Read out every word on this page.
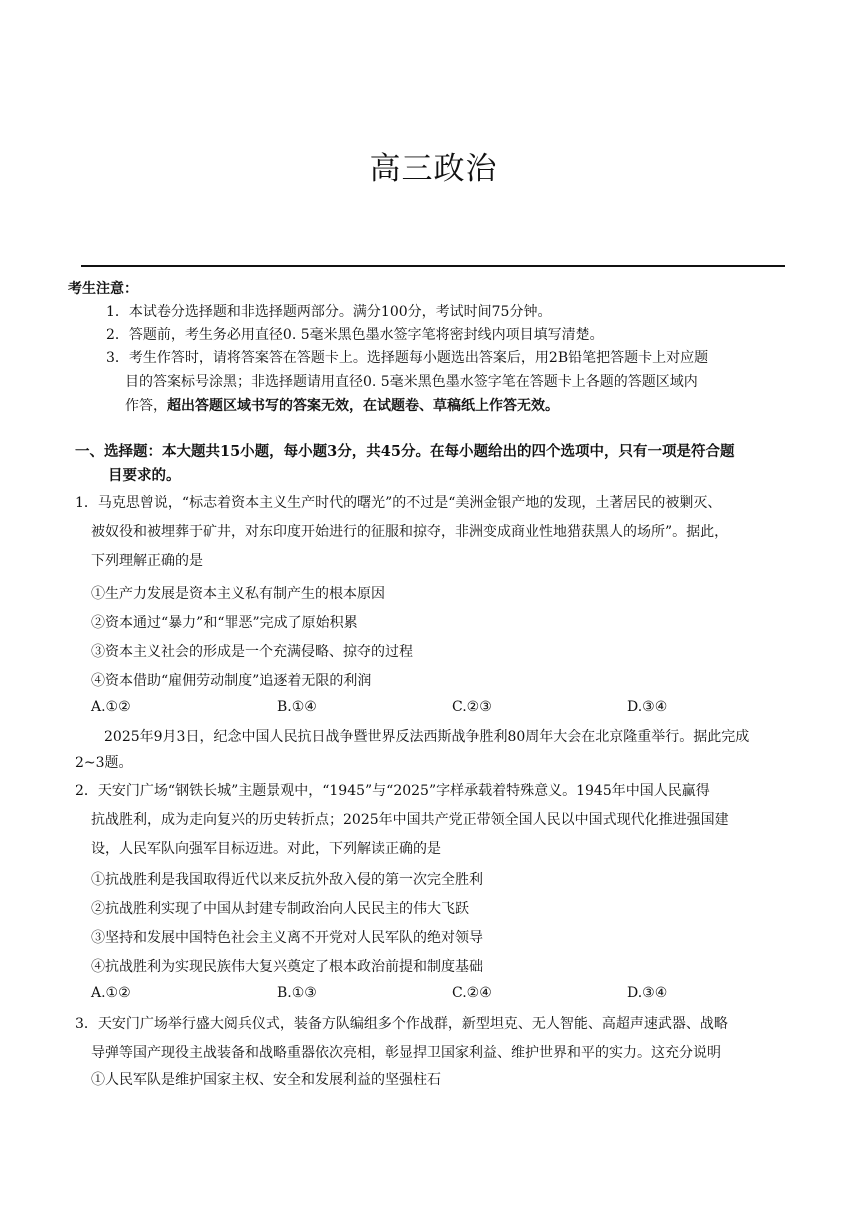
高三政治
考生注意：
1．本试卷分选择题和非选择题两部分。满分100分，考试时间75分钟。
2．答题前，考生务必用直径0. 5毫米黑色墨水签字笔将密封线内项目填写清楚。
3．考生作答时，请将答案答在答题卡上。选择题每小题选出答案后，用2B铅笔把答题卡上对应题
目的答案标号涂黑；非选择题请用直径0. 5毫米黑色墨水签字笔在答题卡上各题的答题区域内
作答，超出答题区域书写的答案无效，在试题卷、草稿纸上作答无效。
一、选择题：本大题共15小题，每小题3分，共45分。在每小题给出的四个选项中，只有一项是符合题
目要求的。
1．马克思曾说，“标志着资本主义生产时代的曙光”的不过是“美洲金银产地的发现，土著居民的被剿灭、
被奴役和被埋葬于矿井，对东印度开始进行的征服和掠夺，非洲变成商业性地猎获黑人的场所”。据此，
下列理解正确的是
①生产力发展是资本主义私有制产生的根本原因
②资本通过“暴力”和“罪恶”完成了原始积累
③资本主义社会的形成是一个充满侵略、掠夺的过程
④资本借助“雇佣劳动制度”追逐着无限的利润
A.①②	B.①④	C.②③	D.③④
2025年9月3日，纪念中国人民抗日战争暨世界反法西斯战争胜利80周年大会在北京隆重举行。据此完成
2~3题。
2．天安门广场“钢铁长城”主题景观中，“1945”与“2025”字样承载着特殊意义。1945年中国人民赢得
抗战胜利，成为走向复兴的历史转折点；2025年中国共产党正带领全国人民以中国式现代化推进强国建
设，人民军队向强军目标迈进。对此，下列解读正确的是
①抗战胜利是我国取得近代以来反抗外敌入侵的第一次完全胜利
②抗战胜利实现了中国从封建专制政治向人民民主的伟大飞跃
③坚持和发展中国特色社会主义离不开党对人民军队的绝对领导
④抗战胜利为实现民族伟大复兴奠定了根本政治前提和制度基础
A.①②	B.①③	C.②④	D.③④
3．天安门广场举行盛大阅兵仪式，装备方队编组多个作战群，新型坦克、无人智能、高超声速武器、战略
导弹等国产现役主战装备和战略重器依次亮相，彰显捍卫国家利益、维护世界和平的实力。这充分说明
①人民军队是维护国家主权、安全和发展利益的坚强柱石
